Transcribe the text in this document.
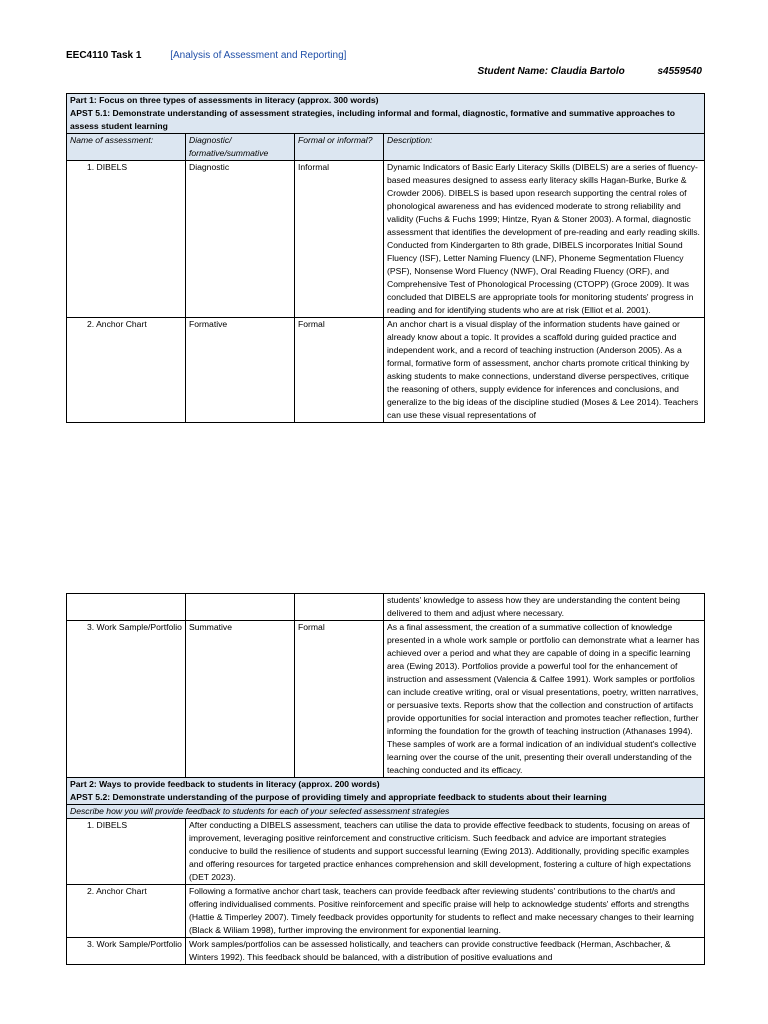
EEC4110 Task 1	[Analysis of Assessment and Reporting]
Student Name: Claudia Bartolo	s4559540
Part 1: Focus on three types of assessments in literacy (approx. 300 words)
APST 5.1: Demonstrate understanding of assessment strategies, including informal and formal, diagnostic, formative and summative approaches to assess student learning			

Name of assessment:	Diagnostic/ formative/summative	Formal or informal?	Description:
1. DIBELS	Diagnostic	Informal	Dynamic Indicators of Basic Early Literacy Skills (DIBELS) are a series of fluency-based measures designed to assess early literacy skills Hagan-Burke, Burke & Crowder 2006). DIBELS is based upon research supporting the central roles of phonological awareness and has evidenced moderate to strong reliability and validity (Fuchs & Fuchs 1999; Hintze, Ryan & Stoner 2003). A formal, diagnostic assessment that identifies the development of pre-reading and early reading skills. Conducted from Kindergarten to 8th grade, DIBELS incorporates Initial Sound Fluency (ISF), Letter Naming Fluency (LNF), Phoneme Segmentation Fluency (PSF), Nonsense Word Fluency (NWF), Oral Reading Fluency (ORF), and Comprehensive Test of Phonological Processing (CTOPP) (Groce 2009). It was concluded that DIBELS are appropriate tools for monitoring students' progress in reading and for identifying students who are at risk (Elliot et al. 2001).
2. Anchor Chart	Formative	Formal	An anchor chart is a visual display of the information students have gained or already know about a topic. It provides a scaffold during guided practice and independent work, and a record of teaching instruction (Anderson 2005). As a formal, formative form of assessment, anchor charts promote critical thinking by asking students to make connections, understand diverse perspectives, critique the reasoning of others, supply evidence for inferences and conclusions, and generalize to the big ideas of the discipline studied (Moses & Lee 2014). Teachers can use these visual representations of
			students' knowledge to assess how they are understanding the content being delivered to them and adjust where necessary.
3. Work Sample/Portfolio	Summative	Formal	As a final assessment, the creation of a summative collection of knowledge presented in a whole work sample or portfolio can demonstrate what a learner has achieved over a period and what they are capable of doing in a specific learning area (Ewing 2013). Portfolios provide a powerful tool for the enhancement of instruction and assessment (Valencia & Calfee 1991). Work samples or portfolios can include creative writing, oral or visual presentations, poetry, written narratives, or persuasive texts. Reports show that the collection and construction of artifacts provide opportunities for social interaction and promotes teacher reflection, further informing the foundation for the growth of teaching instruction (Athanases 1994). These samples of work are a formal indication of an individual student's collective learning over the course of the unit, presenting their overall understanding of the teaching conducted and its efficacy.

Part 2: Ways to provide feedback to students in literacy (approx. 200 words)
APST 5.2: Demonstrate understanding of the purpose of providing timely and appropriate feedback to students about their learning			

Describe how you will provide feedback to students for each of your selected assessment strategies			
1. DIBELS	After conducting a DIBELS assessment, teachers can utilise the data to provide effective feedback to students, focusing on areas of improvement, leveraging positive reinforcement and constructive criticism. Such feedback and advice are important strategies conducive to build the resilience of students and support successful learning (Ewing 2013). Additionally, providing specific examples and offering resources for targeted practice enhances comprehension and skill development, fostering a culture of high expectations (DET 2023).		
2. Anchor Chart	Following a formative anchor chart task, teachers can provide feedback after reviewing students' contributions to the chart/s and offering individualised comments. Positive reinforcement and specific praise will help to acknowledge students' efforts and strengths (Hattie & Timperley 2007). Timely feedback provides opportunity for students to reflect and make necessary changes to their learning (Black & Wiliam 1998), further improving the environment for exponential learning.		
3. Work Sample/Portfolio	Work samples/portfolios can be assessed holistically, and teachers can provide constructive feedback (Herman, Aschbacher, & Winters 1992). This feedback should be balanced, with a distribution of positive evaluations and		
